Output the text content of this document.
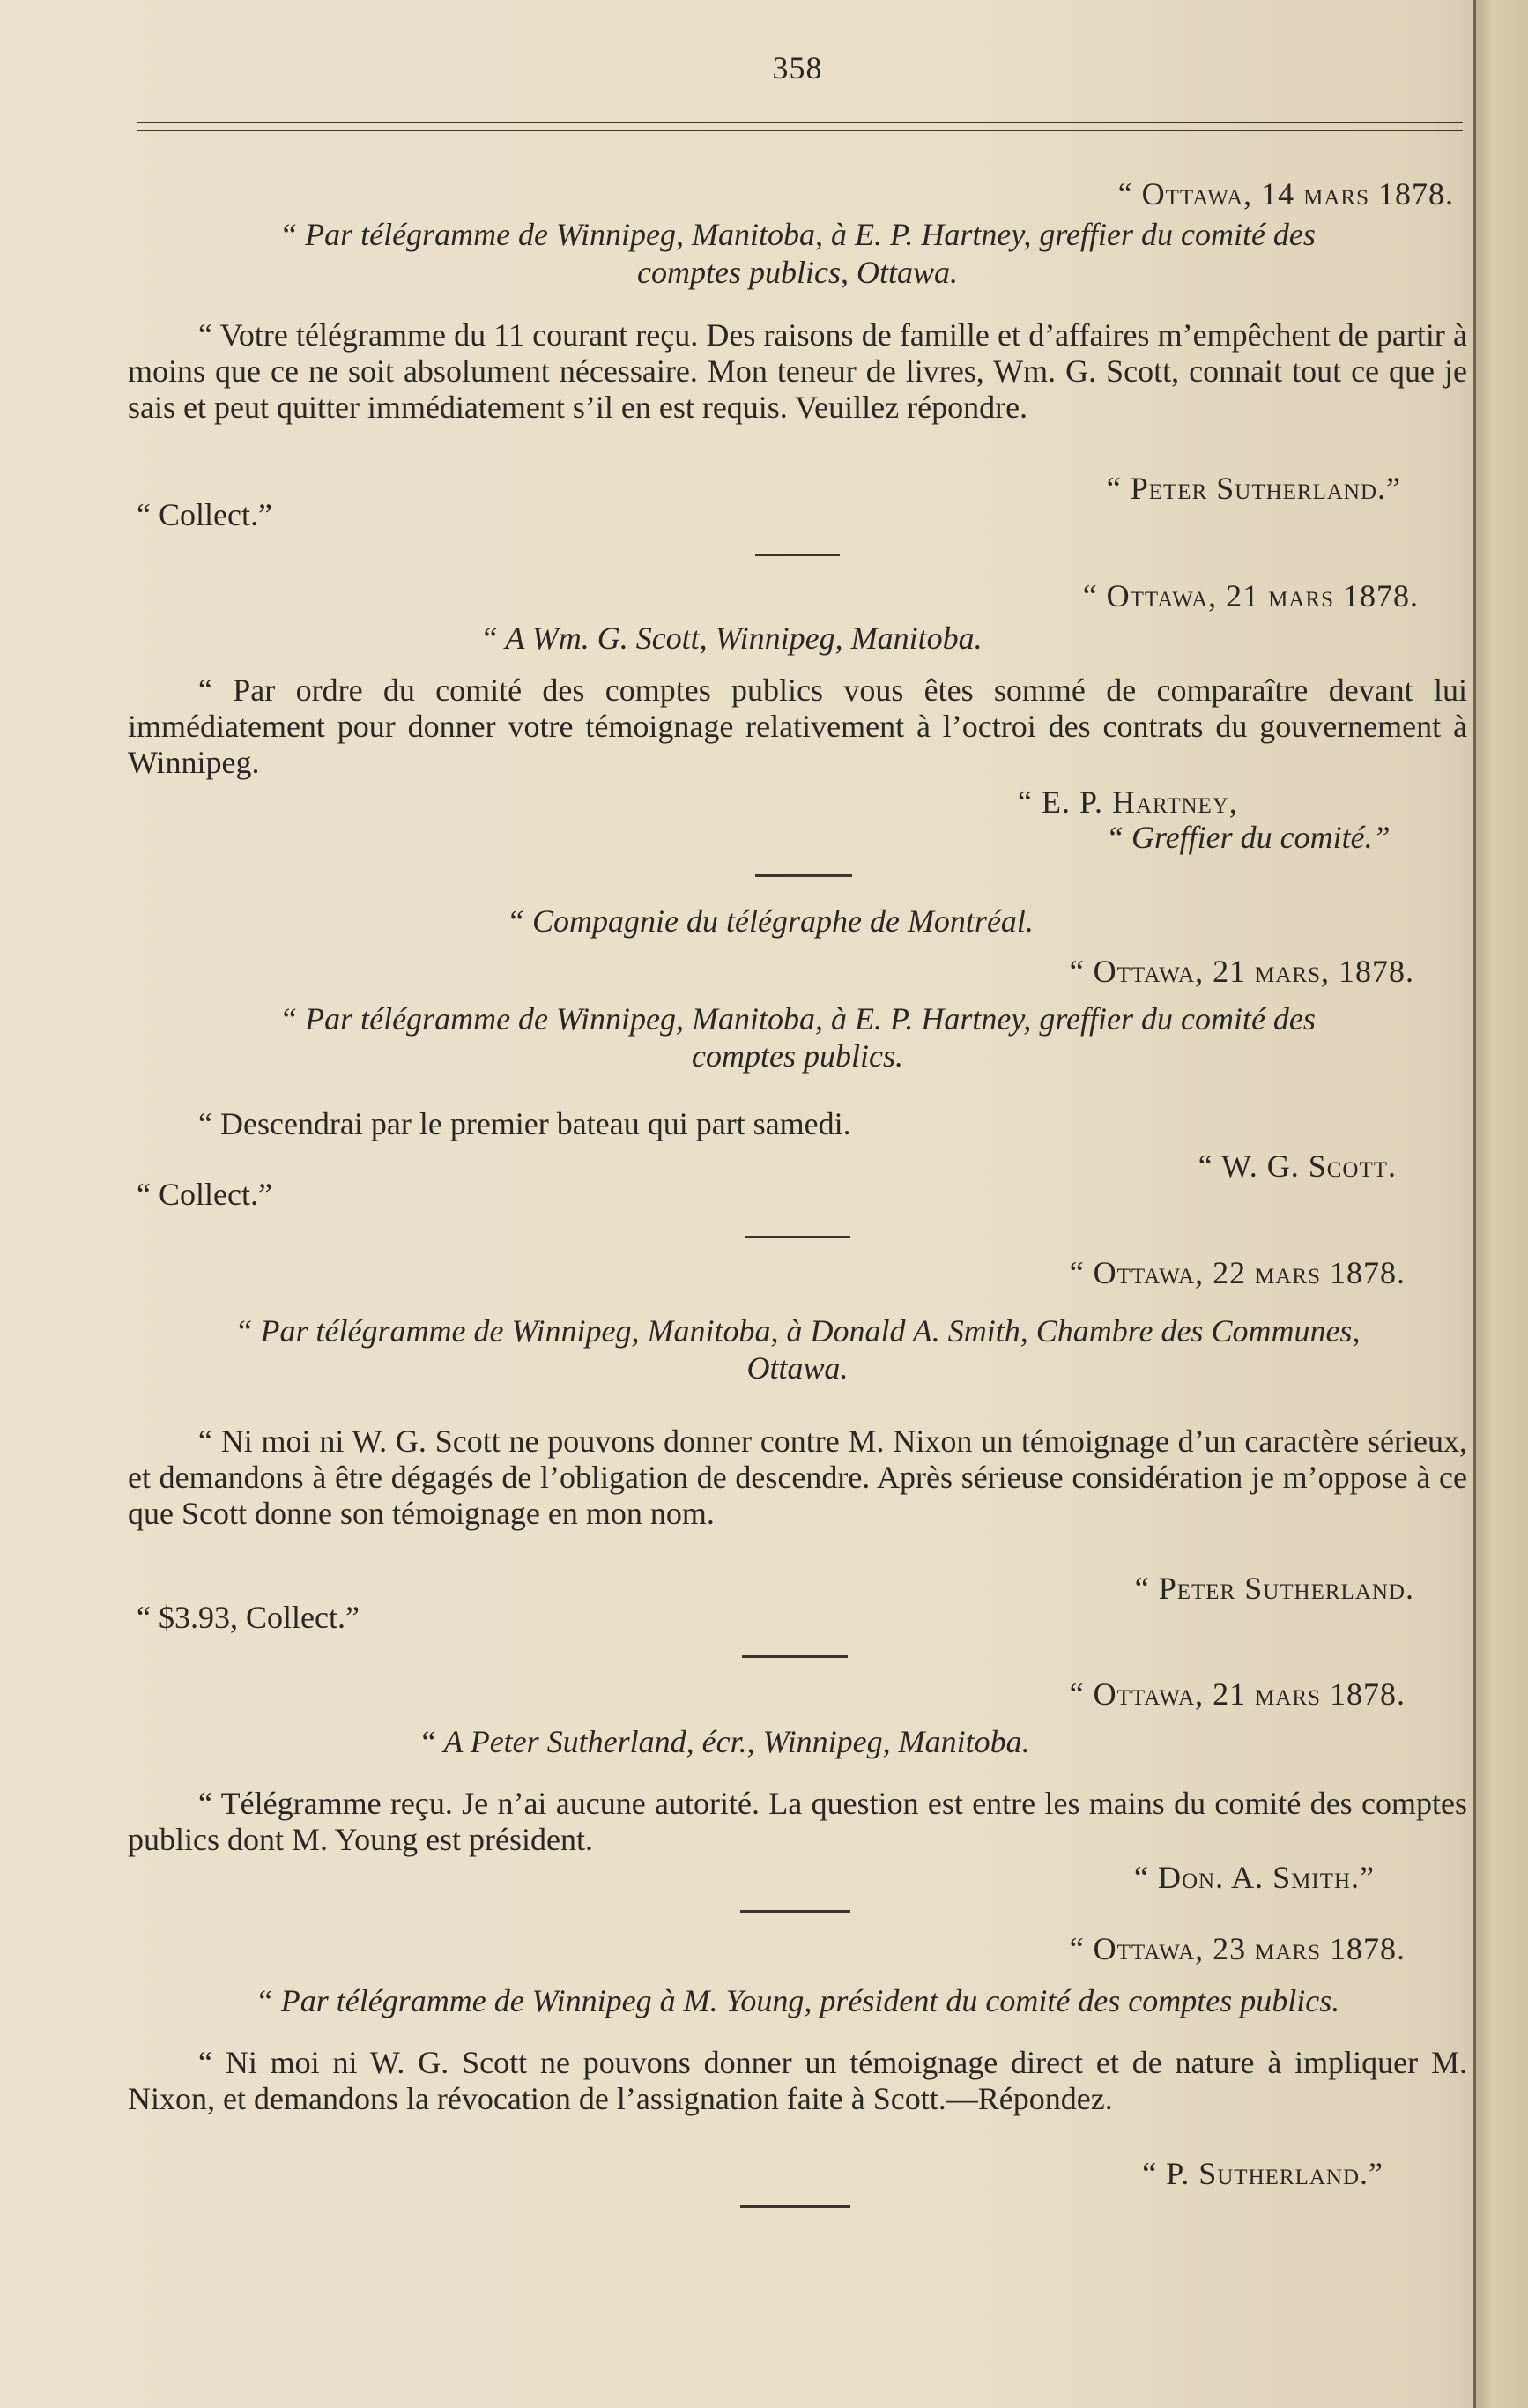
358
“ Ottawa, 14 mars 1878.
“ Par télégramme de Winnipeg, Manitoba, à E. P. Hartney, greffier du comité des
comptes publics, Ottawa.
“ Votre télégramme du 11 courant reçu. Des raisons de famille et d’affaires m’empêchent de partir à moins que ce ne soit absolument nécessaire. Mon teneur de livres, Wm. G. Scott, connait tout ce que je sais et peut quitter immédiatement s’il en est requis. Veuillez répondre.
“ Peter Sutherland.”
“ Collect.”
“ Ottawa, 21 mars 1878.
“ A Wm. G. Scott, Winnipeg, Manitoba.
“ Par ordre du comité des comptes publics vous êtes sommé de comparaître devant lui immédiatement pour donner votre témoignage relativement à l’octroi des contrats du gouvernement à Winnipeg.
“ E. P. Hartney,
“ Greffier du comité.”
“ Compagnie du télégraphe de Montréal.
“ Ottawa, 21 mars, 1878.
“ Par télégramme de Winnipeg, Manitoba, à E. P. Hartney, greffier du comité des
comptes publics.
“ Descendrai par le premier bateau qui part samedi.
“ W. G. Scott.
“ Collect.”
“ Ottawa, 22 mars 1878.
“ Par télégramme de Winnipeg, Manitoba, à Donald A. Smith, Chambre des Communes,
Ottawa.
“ Ni moi ni W. G. Scott ne pouvons donner contre M. Nixon un témoignage d’un caractère sérieux, et demandons à être dégagés de l’obligation de descendre. Après sérieuse considération je m’oppose à ce que Scott donne son témoignage en mon nom.
“ Peter Sutherland.
“ $3.93, Collect.”
“ Ottawa, 21 mars 1878.
“ A Peter Sutherland, écr., Winnipeg, Manitoba.
“ Télégramme reçu. Je n’ai aucune autorité. La question est entre les mains du comité des comptes publics dont M. Young est président.
“ Don. A. Smith.”
“ Ottawa, 23 mars 1878.
“ Par télégramme de Winnipeg à M. Young, président du comité des comptes publics.
“ Ni moi ni W. G. Scott ne pouvons donner un témoignage direct et de nature à impliquer M. Nixon, et demandons la révocation de l’assignation faite à Scott.—Répondez.
“ P. Sutherland.”
